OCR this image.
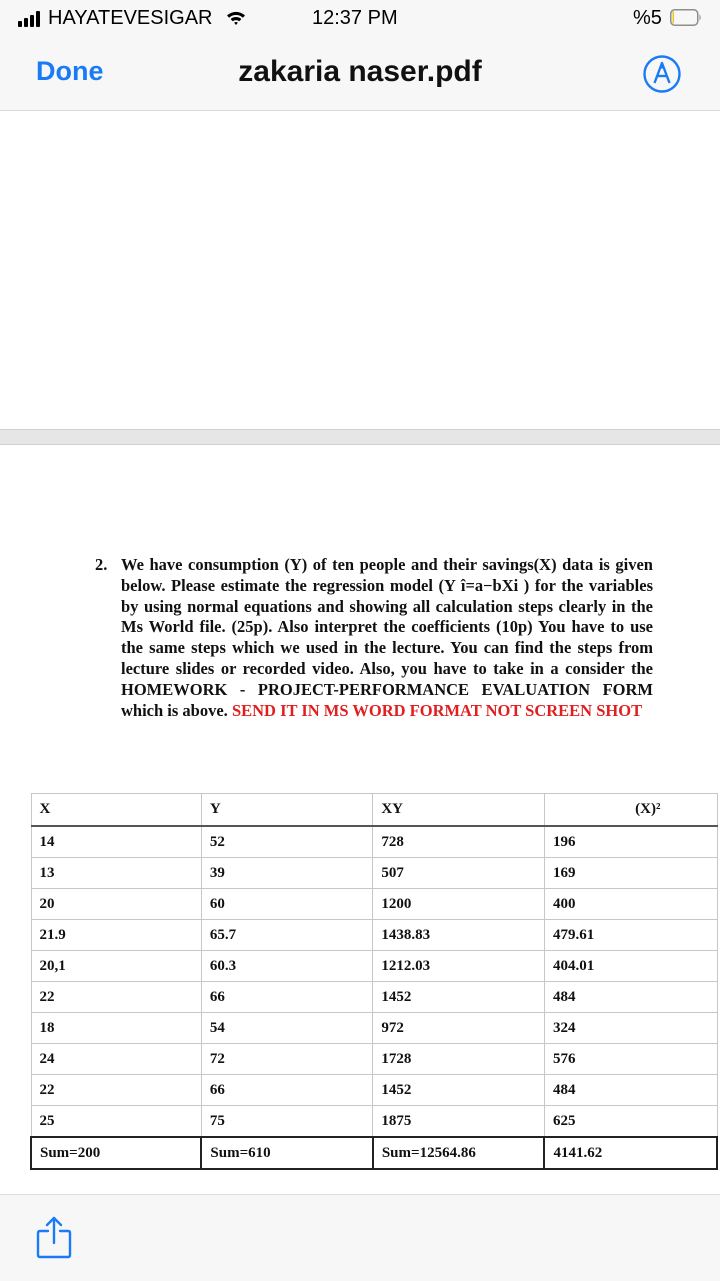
HAYATEVESIGAR	12:37 PM	%5
Done	zakaria naser.pdf
2. We have consumption (Y) of ten people and their savings(X) data is given below. Please estimate the regression model (Y î=a−bXi ) for the variables by using normal equations and showing all calculation steps clearly in the Ms World file. (25p). Also interpret the coefficients (10p) You have to use the same steps which we used in the lecture. You can find the steps from lecture slides or recorded video. Also, you have to take in a consider the HOMEWORK - PROJECT-PERFORMANCE EVALUATION FORM which is above. SEND IT IN MS WORD FORMAT NOT SCREEN SHOT
X	Y	XY	(X)²
14	52	728	196
13	39	507	169
20	60	1200	400
21.9	65.7	1438.83	479.61
20,1	60.3	1212.03	404.01
22	66	1452	484
18	54	972	324
24	72	1728	576
22	66	1452	484
25	75	1875	625
Sum=200	Sum=610	Sum=12564.86	4141.62
